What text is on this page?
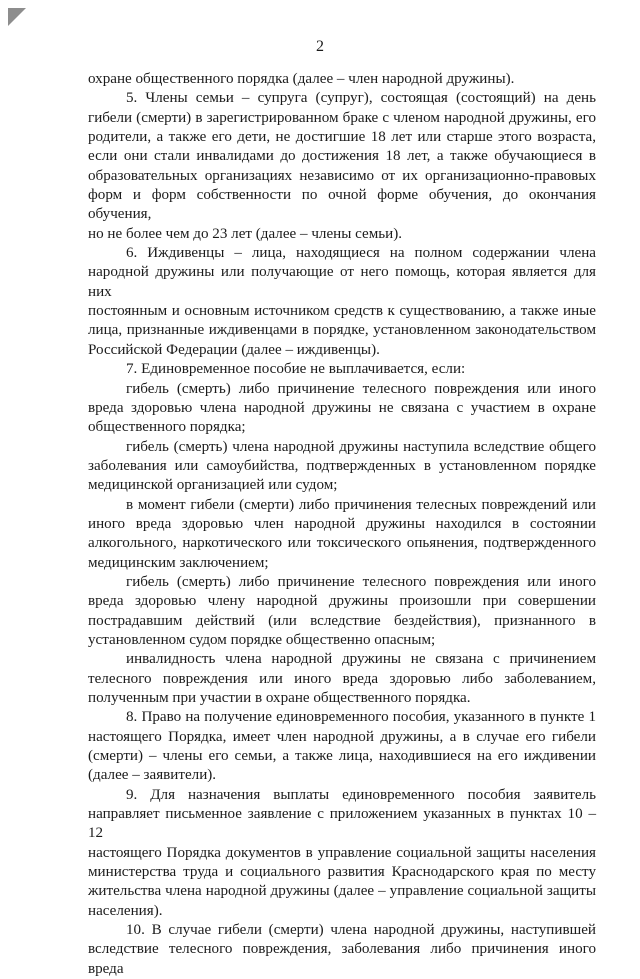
2

охране общественного порядка (далее – член народной дружины).

5. Члены семьи – супруга (супруг), состоящая (состоящий) на день

гибели (смерти) в зарегистрированном браке с членом народной дружины, его

родители, а также его дети, не достигшие 18 лет или старше этого возраста,

если они стали инвалидами до достижения 18 лет, а также обучающиеся в

образовательных организациях независимо от их организационно-правовых

форм и форм собственности по очной форме обучения, до окончания обучения,

но не более чем до 23 лет (далее – члены семьи).

6. Иждивенцы – лица, находящиеся на полном содержании члена

народной дружины или получающие от него помощь, которая является для них

постоянным и основным источником средств к существованию, а также иные

лица, признанные иждивенцами в порядке, установленном законодательством

Российской Федерации (далее – иждивенцы).

7. Единовременное пособие не выплачивается, если:

гибель (смерть) либо причинение телесного повреждения или иного

вреда здоровью члена народной дружины не связана с участием в охране

общественного порядка;

гибель (смерть) члена народной дружины наступила вследствие общего

заболевания или самоубийства, подтвержденных в установленном порядке

медицинской организацией или судом;

в момент гибели (смерти) либо причинения телесных повреждений или

иного вреда здоровью член народной дружины находился в состоянии

алкогольного, наркотического или токсического опьянения, подтвержденного

медицинским заключением;

гибель (смерть) либо причинение телесного повреждения или иного

вреда здоровью члену народной дружины произошли при совершении

пострадавшим действий (или вследствие бездействия), признанного в

установленном судом порядке общественно опасным;

инвалидность члена народной дружины не связана с причинением

телесного повреждения или иного вреда здоровью либо заболеванием,

полученным при участии в охране общественного порядка.

8. Право на получение единовременного пособия, указанного в пункте 1

настоящего Порядка, имеет член народной дружины, а в случае его гибели

(смерти) – члены его семьи, а также лица, находившиеся на его иждивении

(далее – заявители).

9. Для назначения выплаты единовременного пособия заявитель

направляет письменное заявление с приложением указанных в пунктах 10 – 12

настоящего Порядка документов в управление социальной защиты населения

министерства труда и социального развития Краснодарского края по месту

жительства члена народной дружины (далее – управление социальной защиты

населения).

10. В случае гибели (смерти) члена народной дружины, наступившей

вследствие телесного повреждения, заболевания либо причинения иного вреда
